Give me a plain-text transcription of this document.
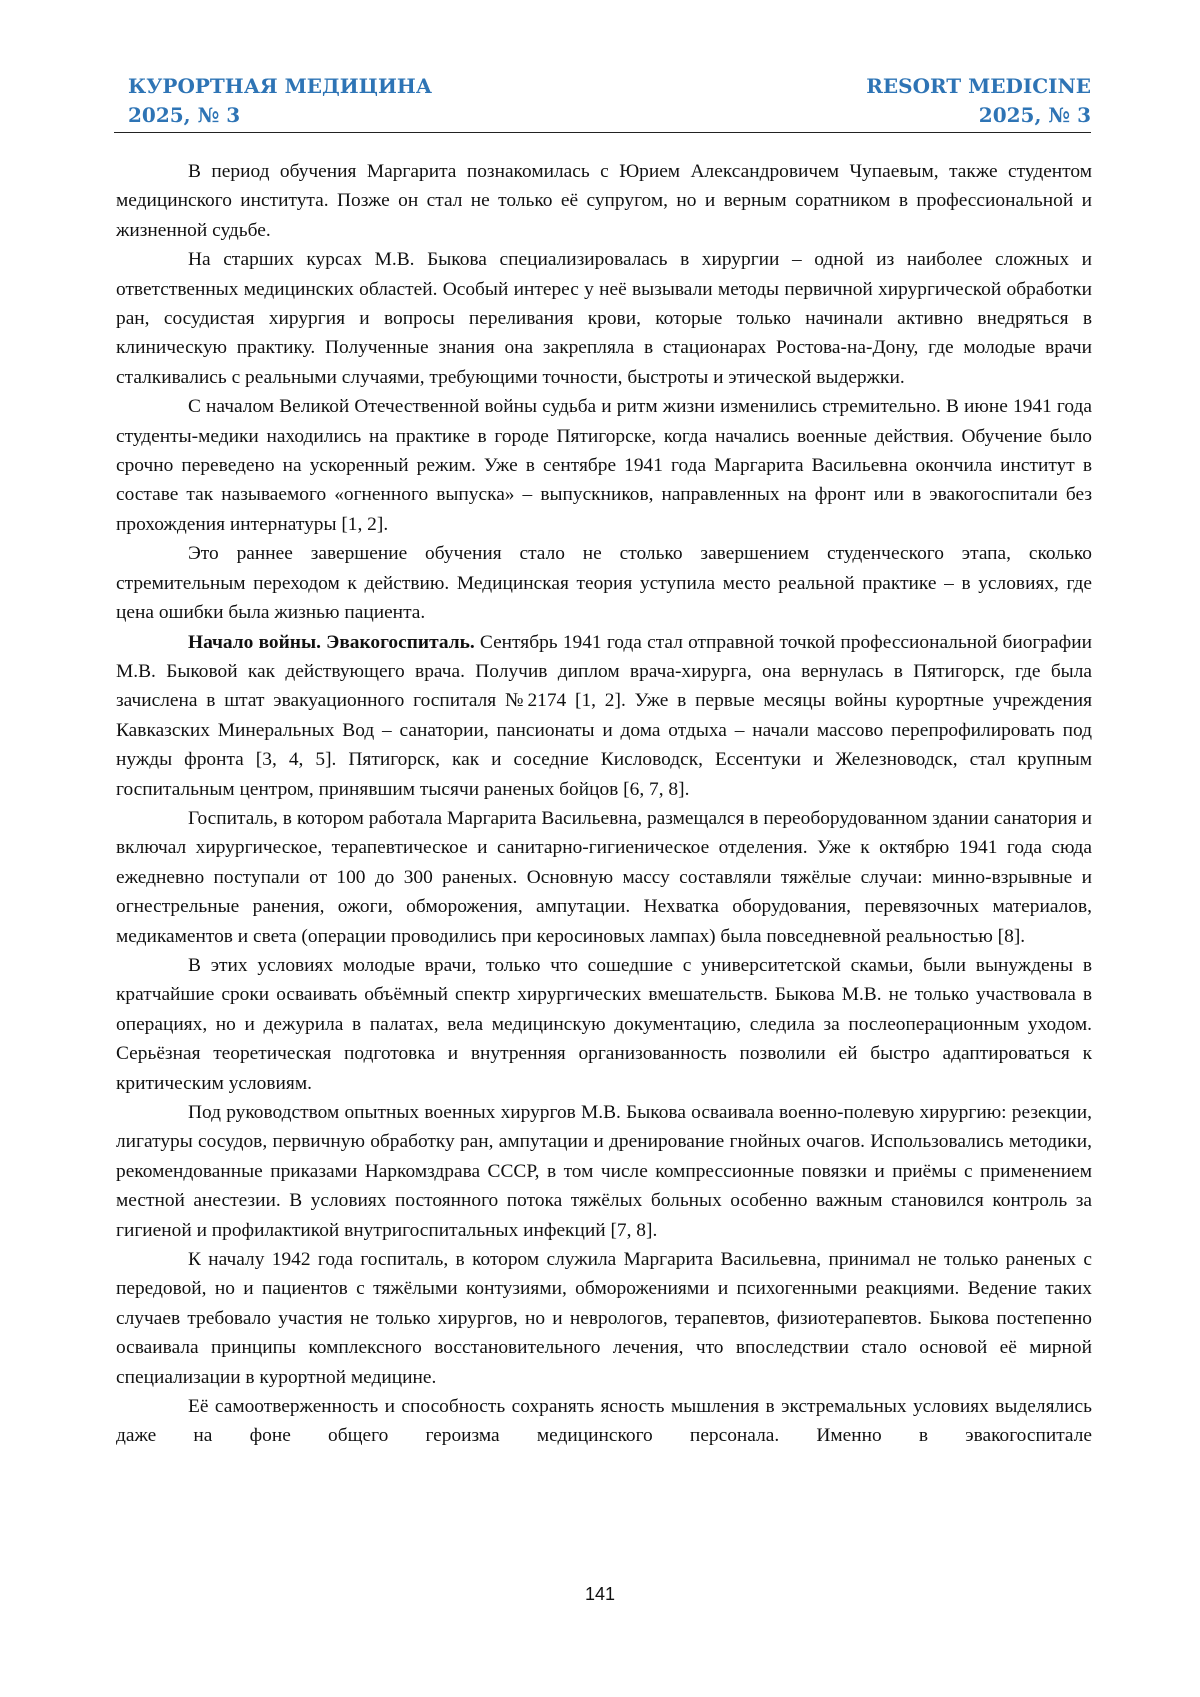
КУРОРТНАЯ МЕДИЦИНА
2025, № 3
RESORT MEDICINE
2025, № 3

В период обучения Маргарита познакомилась с Юрием Александровичем Чупаевым, также студентом медицинского института. Позже он стал не только её супругом, но и верным соратником в профессиональной и жизненной судьбе.

На старших курсах М.В. Быкова специализировалась в хирургии – одной из наиболее сложных и ответственных медицинских областей. Особый интерес у неё вызывали методы первичной хирургической обработки ран, сосудистая хирургия и вопросы переливания крови, которые только начинали активно внедряться в клиническую практику. Полученные знания она закрепляла в стационарах Ростова-на-Дону, где молодые врачи сталкивались с реальными случаями, требующими точности, быстроты и этической выдержки.

С началом Великой Отечественной войны судьба и ритм жизни изменились стремительно. В июне 1941 года студенты-медики находились на практике в городе Пятигорске, когда начались военные действия. Обучение было срочно переведено на ускоренный режим. Уже в сентябре 1941 года Маргарита Васильевна окончила институт в составе так называемого «огненного выпуска» – выпускников, направленных на фронт или в эвакогоспитали без прохождения интернатуры [1, 2].

Это раннее завершение обучения стало не столько завершением студенческого этапа, сколько стремительным переходом к действию. Медицинская теория уступила место реальной практике – в условиях, где цена ошибки была жизнью пациента.

Начало войны. Эвакогоспиталь. Сентябрь 1941 года стал отправной точкой профессиональной биографии М.В. Быковой как действующего врача. Получив диплом врача-хирурга, она вернулась в Пятигорск, где была зачислена в штат эвакуационного госпиталя №2174 [1, 2]. Уже в первые месяцы войны курортные учреждения Кавказских Минеральных Вод – санатории, пансионаты и дома отдыха – начали массово перепрофилировать под нужды фронта [3, 4, 5]. Пятигорск, как и соседние Кисловодск, Ессентуки и Железноводск, стал крупным госпитальным центром, принявшим тысячи раненых бойцов [6, 7, 8].

Госпиталь, в котором работала Маргарита Васильевна, размещался в переоборудованном здании санатория и включал хирургическое, терапевтическое и санитарно-гигиеническое отделения. Уже к октябрю 1941 года сюда ежедневно поступали от 100 до 300 раненых. Основную массу составляли тяжёлые случаи: минно-взрывные и огнестрельные ранения, ожоги, обморожения, ампутации. Нехватка оборудования, перевязочных материалов, медикаментов и света (операции проводились при керосиновых лампах) была повседневной реальностью [8].

В этих условиях молодые врачи, только что сошедшие с университетской скамьи, были вынуждены в кратчайшие сроки осваивать объёмный спектр хирургических вмешательств. Быкова М.В. не только участвовала в операциях, но и дежурила в палатах, вела медицинскую документацию, следила за послеоперационным уходом. Серьёзная теоретическая подготовка и внутренняя организованность позволили ей быстро адаптироваться к критическим условиям.

Под руководством опытных военных хирургов М.В. Быкова осваивала военно-полевую хирургию: резекции, лигатуры сосудов, первичную обработку ран, ампутации и дренирование гнойных очагов. Использовались методики, рекомендованные приказами Наркомздрава СССР, в том числе компрессионные повязки и приёмы с применением местной анестезии. В условиях постоянного потока тяжёлых больных особенно важным становился контроль за гигиеной и профилактикой внутригоспитальных инфекций [7, 8].

К началу 1942 года госпиталь, в котором служила Маргарита Васильевна, принимал не только раненых с передовой, но и пациентов с тяжёлыми контузиями, обморожениями и психогенными реакциями. Ведение таких случаев требовало участия не только хирургов, но и неврологов, терапевтов, физиотерапевтов. Быкова постепенно осваивала принципы комплексного восстановительного лечения, что впоследствии стало основой её мирной специализации в курортной медицине.

Её самоотверженность и способность сохранять ясность мышления в экстремальных условиях выделялись даже на фоне общего героизма медицинского персонала. Именно в эвакогоспитале

141
